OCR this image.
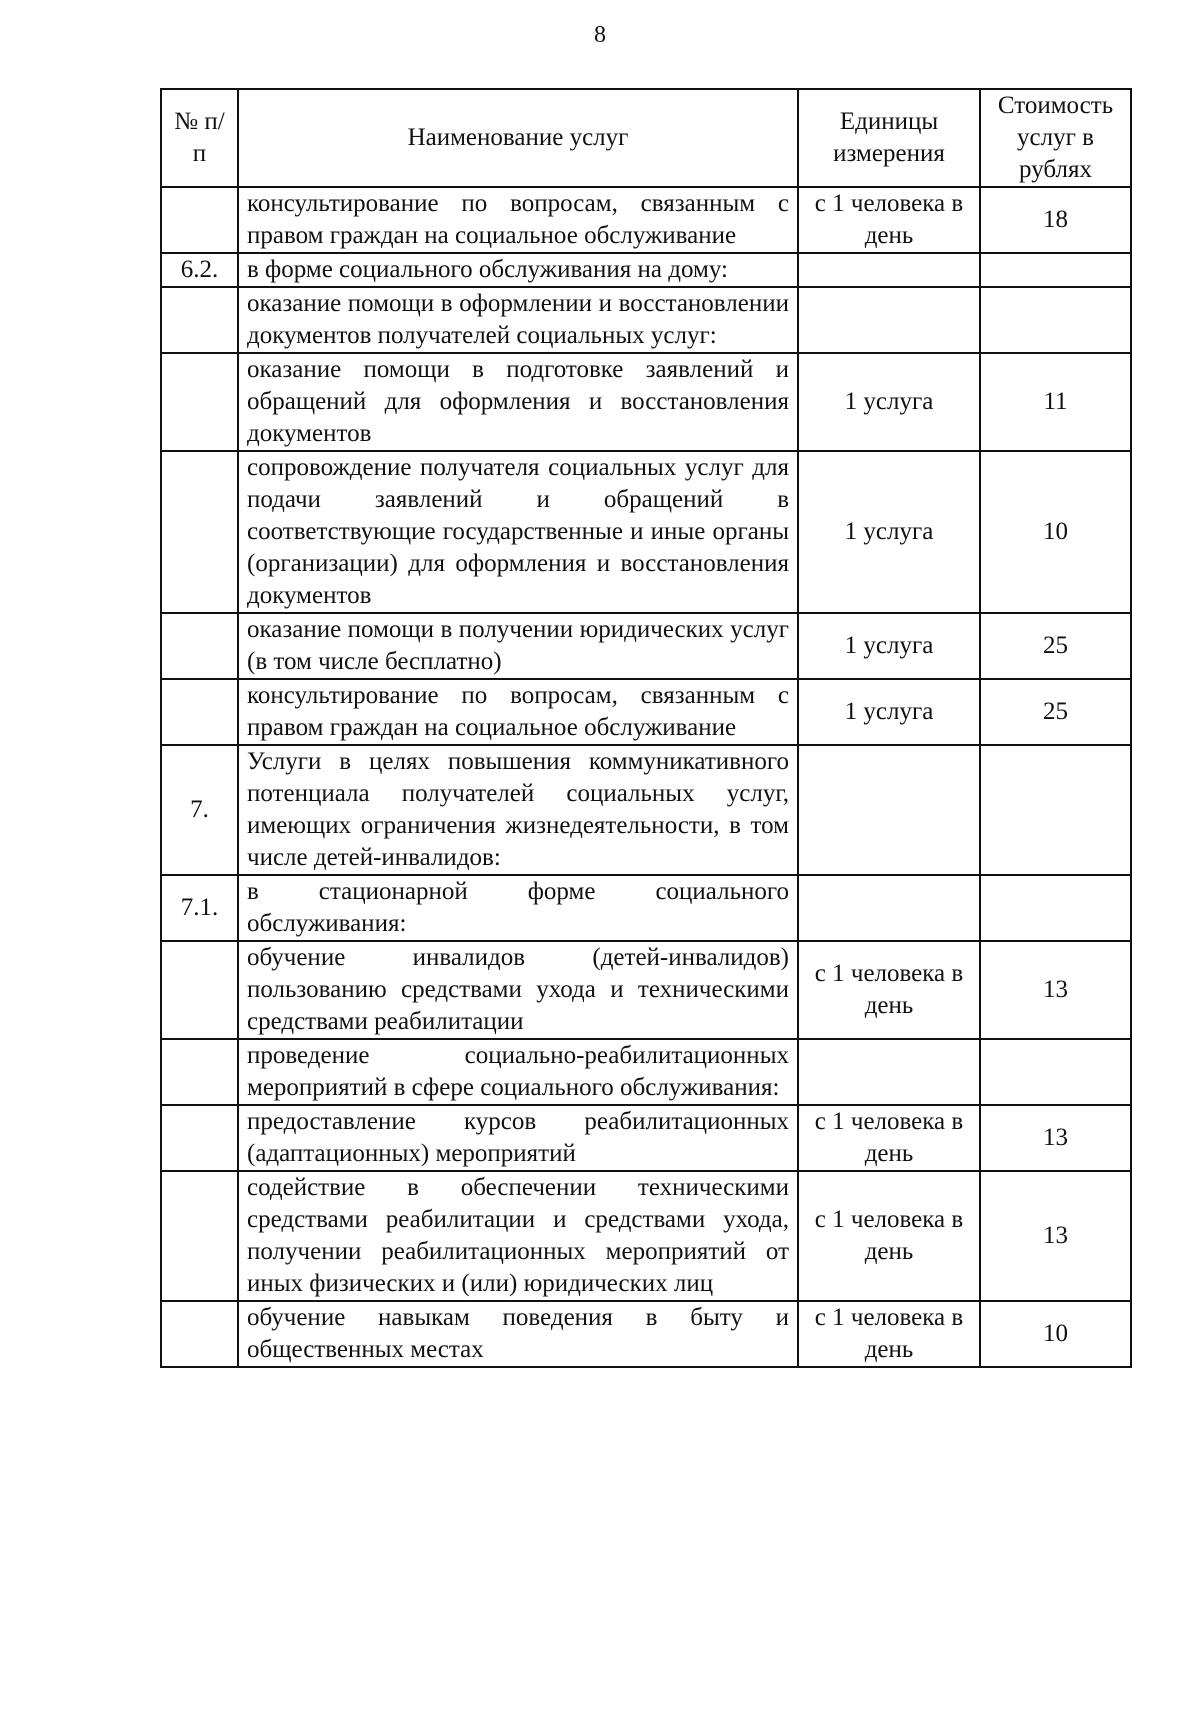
8
№ п/п	Наименование услуг	Единицы измерения	Стоимость услуг в рублях
	консультирование по вопросам, связанным с правом граждан на социальное обслуживание	с 1 человека в день	18
6.2.	в форме социального обслуживания на дому:		
	оказание помощи в оформлении и восстановлении документов получателей социальных услуг:		
	оказание помощи в подготовке заявлений и обращений для оформления и восстановления документов	1 услуга	11
	сопровождение получателя социальных услуг для подачи заявлений и обращений в соответствующие государственные и иные органы (организации) для оформления и восстановления документов	1 услуга	10
	оказание помощи в получении юридических услуг (в том числе бесплатно)	1 услуга	25
	консультирование по вопросам, связанным с правом граждан на социальное обслуживание	1 услуга	25
7.	Услуги в целях повышения коммуникативного потенциала получателей социальных услуг, имеющих ограничения жизнедеятельности, в том числе детей-инвалидов:		
7.1.	в стационарной форме социального обслуживания:		
	обучение инвалидов (детей-инвалидов) пользованию средствами ухода и техническими средствами реабилитации	с 1 человека в день	13
	проведение социально-реабилитационных мероприятий в сфере социального обслуживания:		
	предоставление курсов реабилитационных (адаптационных) мероприятий	с 1 человека в день	13
	содействие в обеспечении техническими средствами реабилитации и средствами ухода, получении реабилитационных мероприятий от иных физических и (или) юридических лиц	с 1 человека в день	13
	обучение навыкам поведения в быту и общественных местах	с 1 человека в день	10
